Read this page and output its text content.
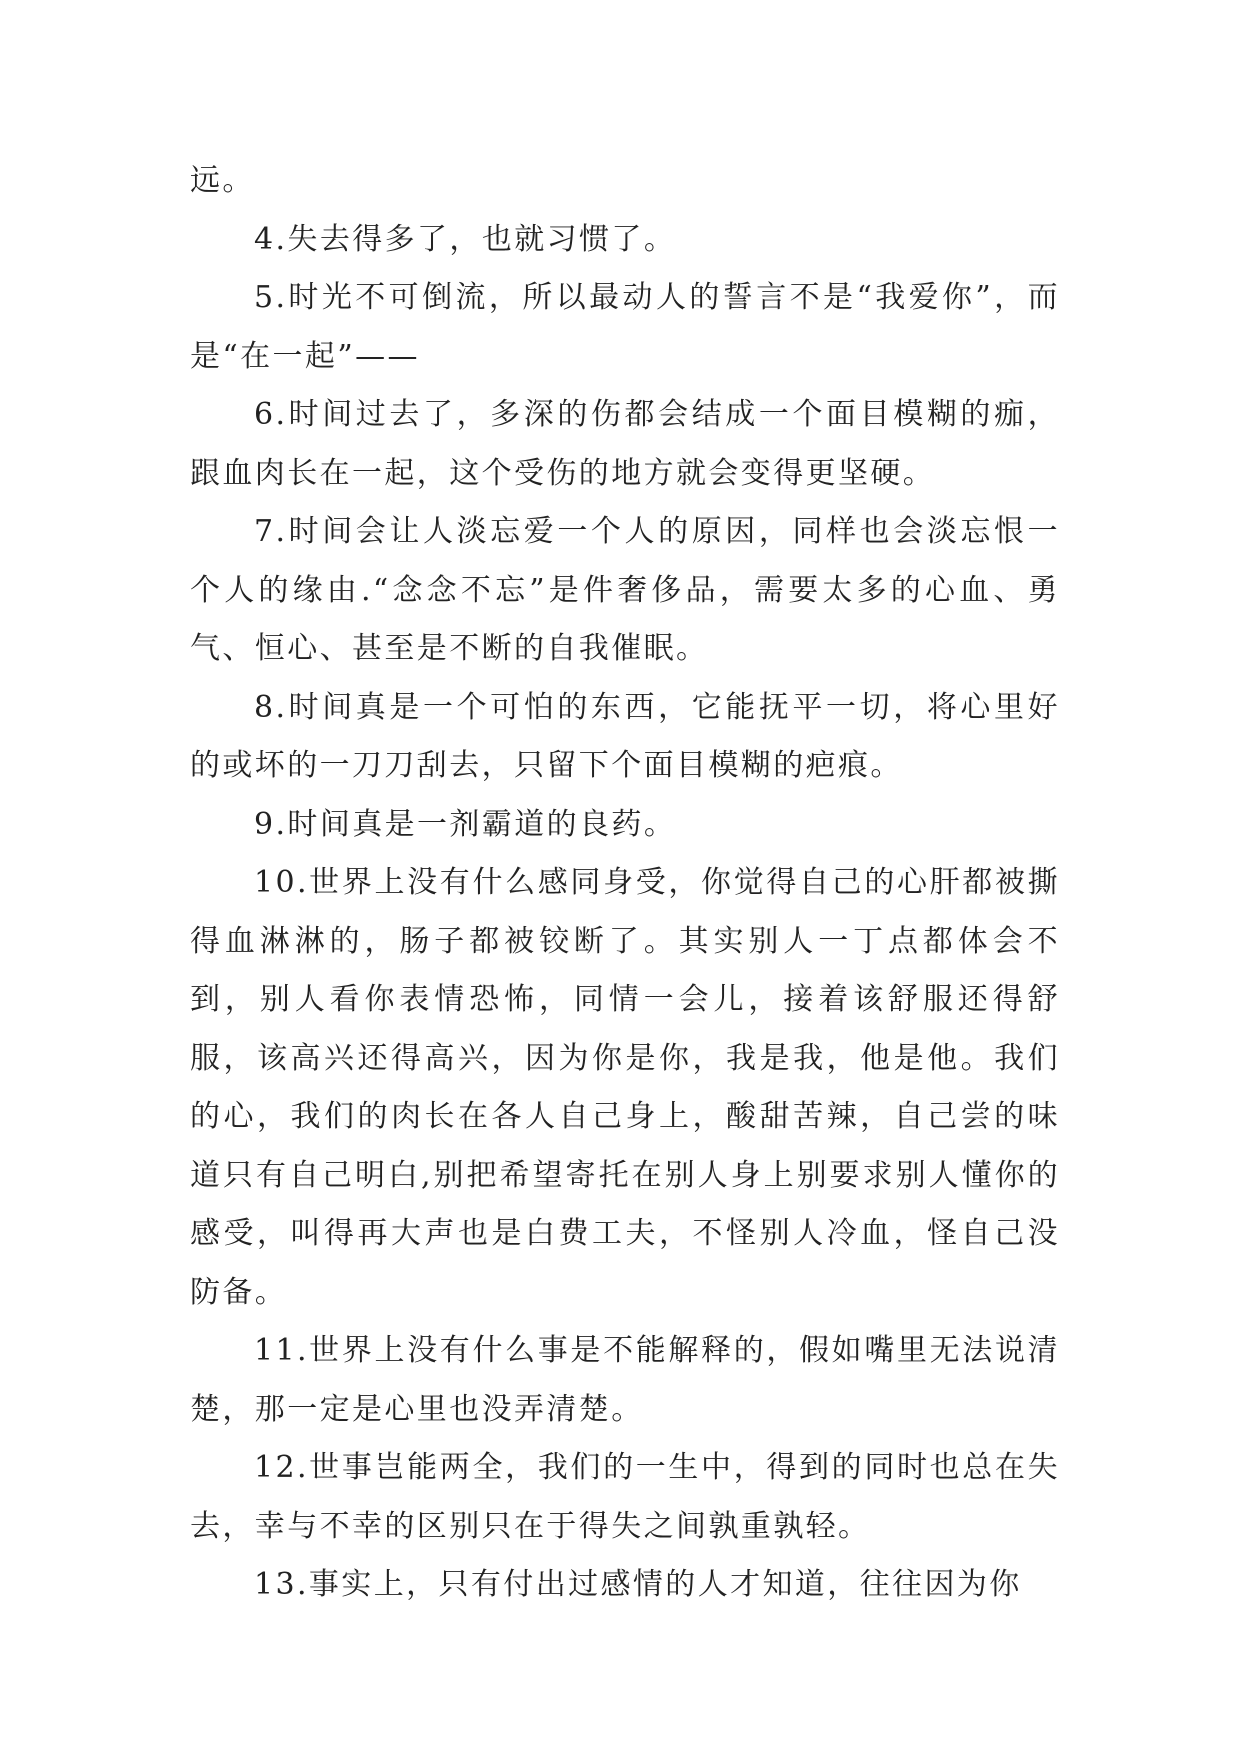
远。

4.失去得多了，也就习惯了。

5.时光不可倒流，所以最动人的誓言不是“我爱你”，而是“在一起”——

6.时间过去了，多深的伤都会结成一个面目模糊的痂，跟血肉长在一起，这个受伤的地方就会变得更坚硬。

7.时间会让人淡忘爱一个人的原因，同样也会淡忘恨一个人的缘由.“念念不忘”是件奢侈品，需要太多的心血、勇气、恒心、甚至是不断的自我催眠。

8.时间真是一个可怕的东西，它能抚平一切，将心里好的或坏的一刀刀刮去，只留下个面目模糊的疤痕。

9.时间真是一剂霸道的良药。

10.世界上没有什么感同身受，你觉得自己的心肝都被撕得血淋淋的，肠子都被铰断了。其实别人一丁点都体会不到，别人看你表情恐怖，同情一会儿，接着该舒服还得舒服，该高兴还得高兴，因为你是你，我是我，他是他。我们的心，我们的肉长在各人自己身上，酸甜苦辣，自己尝的味道只有自己明白,别把希望寄托在别人身上别要求别人懂你的感受，叫得再大声也是白费工夫，不怪别人冷血，怪自己没防备。

11.世界上没有什么事是不能解释的，假如嘴里无法说清楚，那一定是心里也没弄清楚。

12.世事岂能两全，我们的一生中，得到的同时也总在失去，幸与不幸的区别只在于得失之间孰重孰轻。

13.事实上，只有付出过感情的人才知道，往往因为你
